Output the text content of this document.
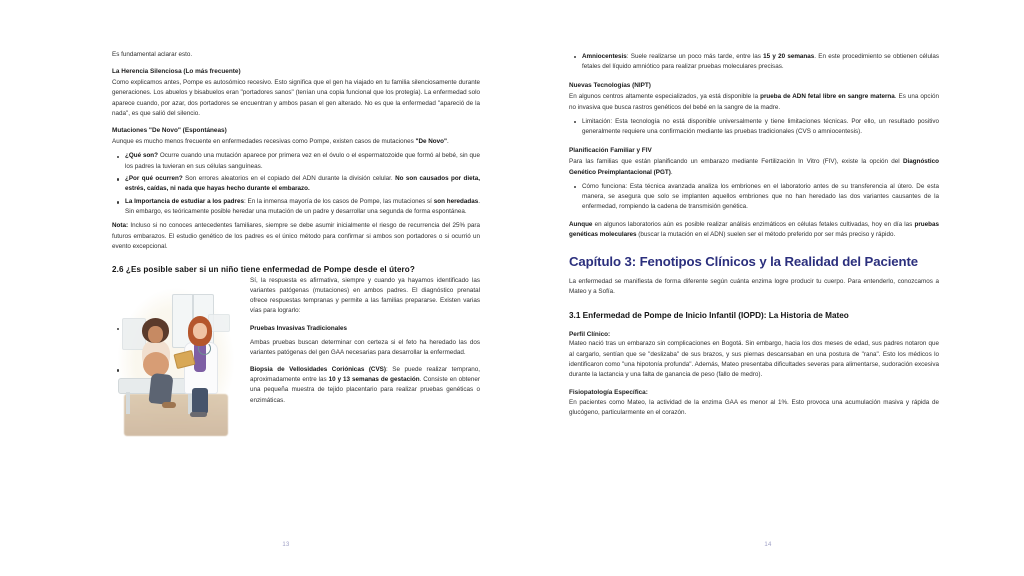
Es fundamental aclarar esto.

La Herencia Silenciosa (Lo más frecuente)

Como explicamos antes, Pompe es autosómico recesivo. Esto significa que el gen ha viajado en tu familia silenciosamente durante generaciones. Los abuelos y bisabuelos eran "portadores sanos" (tenían una copia funcional que los protegía). La enfermedad solo aparece cuando, por azar, dos portadores se encuentran y ambos pasan el gen alterado. No es que la enfermedad "apareció de la nada", es que salió del silencio.

Mutaciones "De Novo" (Espontáneas)

Aunque es mucho menos frecuente en enfermedades recesivas como Pompe, existen casos de mutaciones "De Novo".

¿Qué son? Ocurre cuando una mutación aparece por primera vez en el óvulo o el espermatozoide que formó al bebé, sin que los padres la tuvieran en sus células sanguíneas.
¿Por qué ocurren? Son errores aleatorios en el copiado del ADN durante la división celular. No son causados por dieta, estrés, caídas, ni nada que hayas hecho durante el embarazo.
La Importancia de estudiar a los padres: En la inmensa mayoría de los casos de Pompe, las mutaciones sí son heredadas. Sin embargo, es teóricamente posible heredar una mutación de un padre y desarrollar una segunda de forma espontánea.

Nota: Incluso si no conoces antecedentes familiares, siempre se debe asumir inicialmente el riesgo de recurrencia del 25% para futuros embarazos. El estudio genético de los padres es el único método para confirmar si ambos son portadores o si ocurrió un evento excepcional.

2.6 ¿Es posible saber si un niño tiene enfermedad de Pompe desde el útero?

Sí, la respuesta es afirmativa, siempre y cuando ya hayamos identificado las variantes patógenas (mutaciones) en ambos padres. El diagnóstico prenatal ofrece respuestas tempranas y permite a las familias prepararse. Existen varias vías para lograrlo:

Pruebas Invasivas Tradicionales

Ambas pruebas buscan determinar con certeza si el feto ha heredado las dos variantes patógenas del gen GAA necesarias para desarrollar la enfermedad.

Biopsia de Vellosidades Coriónicas (CVS): Se puede realizar temprano, aproximadamente entre las 10 y 13 semanas de gestación. Consiste en obtener una pequeña muestra de tejido placentario para realizar pruebas genéticas o enzimáticas.
13
Amniocentesis: Suele realizarse un poco más tarde, entre las 15 y 20 semanas. En este procedimiento se obtienen células fetales del líquido amniótico para realizar pruebas moleculares precisas.
Nuevas Tecnologías (NIPT)

En algunos centros altamente especializados, ya está disponible la prueba de ADN fetal libre en sangre materna. Es una opción no invasiva que busca rastros genéticos del bebé en la sangre de la madre.

Limitación: Esta tecnología no está disponible universalmente y tiene limitaciones técnicas. Por ello, un resultado positivo generalmente requiere una confirmación mediante las pruebas tradicionales (CVS o amniocentesis).
Planificación Familiar y FIV

Para las familias que están planificando un embarazo mediante Fertilización In Vitro (FIV), existe la opción del Diagnóstico Genético Preimplantacional (PGT).

Cómo funciona: Esta técnica avanzada analiza los embriones en el laboratorio antes de su transferencia al útero. De esta manera, se asegura que solo se implanten aquellos embriones que no han heredado las dos variantes causantes de la enfermedad, rompiendo la cadena de transmisión genética.

Aunque en algunos laboratorios aún es posible realizar análisis enzimáticos en células fetales cultivadas, hoy en día las pruebas genéticas moleculares (buscar la mutación en el ADN) suelen ser el método preferido por ser más preciso y rápido.

Capítulo 3: Fenotipos Clínicos y la Realidad del Paciente

La enfermedad se manifiesta de forma diferente según cuánta enzima logre producir tu cuerpo. Para entenderlo, conozcamos a Mateo y a Sofía.

3.1 Enfermedad de Pompe de Inicio Infantil (IOPD): La Historia de Mateo
Perfil Clínico:

Mateo nació tras un embarazo sin complicaciones en Bogotá. Sin embargo, hacia los dos meses de edad, sus padres notaron que al cargarlo, sentían que se "deslizaba" de sus brazos, y sus piernas descansaban en una postura de "rana". Esto los médicos lo identificaron como "una hipotonía profunda". Además, Mateo presentaba dificultades severas para alimentarse, sudoración excesiva durante la lactancia y una falta de ganancia de peso (fallo de medro).

Fisiopatología Específica:

En pacientes como Mateo, la actividad de la enzima GAA es menor al 1%. Esto provoca una acumulación masiva y rápida de glucógeno, particularmente en el corazón.

14
